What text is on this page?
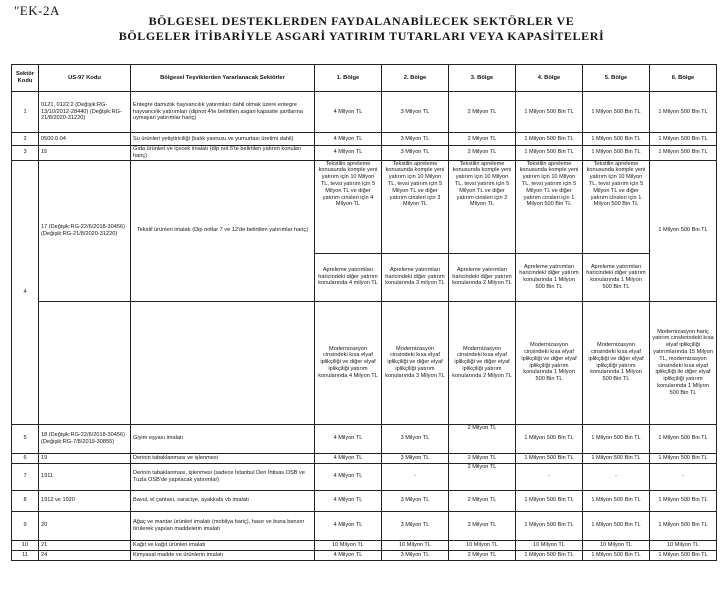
"EK-2A
BÖLGESEL DESTEKLERDEN FAYDALANABİLECEK SEKTÖRLER VE
BÖLGELER İTİBARİYLE ASGARİ YATIRIM TUTARLARI VEYA KAPASİTELERİ
Sektör Kodu	US-97 Kodu	Bölgesel Teşviklerden Yararlanacak Sektörler	1. Bölge	2. Bölge	3. Bölge	4. Bölge	5. Bölge	6. Bölge
1	0121, 0122.2 (Değişik:RG-13/10/2012-28440) (Değişik:RG-21/8/2020-31220)	Entegre damızlık hayvancılık yatırımları dahil olmak üzere entegre hayvancılık yatırımları (dipnot 4'te belirtilen asgari kapasite şartlarına uymayan yatırımlar hariç)	4 Milyon TL	3 Milyon TL	2 Milyon TL	1 Milyon 500 Bin TL	1 Milyon 500 Bin TL	1 Milyon 500 Bin TL
2	0500.0.04	Su ürünleri yetiştiriciliği (balık yavrusu ve yumurtası üretimi dahil)	4 Milyon TL	3 Milyon TL	2 Milyon TL	1 Milyon 500 Bin TL	1 Milyon 500 Bin TL	1 Milyon 500 Bin TL
3	15	Gıda ürünleri ve içecek imalatı (dip not 5'te belirtilen yatırım konuları hariç)	4 Milyon TL	3 Milyon TL	2 Milyon TL	1 Milyon 500 Bin TL	1 Milyon 500 Bin TL	1 Milyon 500 Bin TL
4	17 (Değişik:RG-22/6/2018-30456) (Değişik:RG-21/8/2020-31220)	Tekstil ürünleri imalatı (Dip notlar 7 ve 12'de belirtilen yatırımlar hariç)	Tekstilin apreleme konusunda komple yeni yatırım için 10 Milyon TL, tevsi yatırım için 5 Milyon TL ve diğer yatırım cinsleri için 4 Milyon TL	Tekstilin apreleme konusunda komple yeni yatırım için 10 Milyon TL, tevsi yatırım için 5 Milyon TL ve diğer yatırım cinsleri için 3 Milyon TL	Tekstilin apreleme konusunda komple yeni yatırım için 10 Milyon TL, tevsi yatırım için 5 Milyon TL ve diğer yatırım cinsleri için 2 Milyon TL	Tekstilin apreleme konusunda komple yeni yatırım için 10 Milyon TL, tevsi yatırım için 5 Milyon TL ve diğer yatırım cinsleri için 1 Milyon 500 Bin TL	Tekstilin apreleme konusunda komple yeni yatırım için 10 Milyon TL, tevsi yatırım için 5 Milyon TL ve diğer yatırım cinsleri için 1 Milyon 500 Bin TL	1 Milyon 500 Bin TL
			Apreleme yatırımları haricindeki diğer yatırım konularında 4 milyon TL	Apreleme yatırımları haricindeki diğer yatırım konularında 3 milyon TL	Apreleme yatırımları haricindeki diğer yatırım konularında 2 Milyon TL	Apreleme yatırımları haricindeki diğer yatırım konularında 1 Milyon 500 Bin TL	Apreleme yatırımları haricindeki diğer yatırım konularında 1 Milyon 500 Bin TL	
			Modernizasyon cinsindeki kısa elyaf iplikçiliği ve diğer elyaf iplikçiliği yatırım konularında 4 Milyon TL	Modernizasyon cinsindeki kısa elyaf iplikçiliği ve diğer elyaf iplikçiliği yatırım konularında 3 Milyon TL	Modernizasyon cinsindeki kısa elyaf iplikçiliği ve diğer elyaf iplikçiliği yatırım konularında 2 Milyon TL	Modernizasyon cinsindeki kısa elyaf iplikçiliği ve diğer elyaf iplikçiliği yatırım konularında 1 Milyon 500 Bin TL	Modernizasyon cinsindeki kısa elyaf iplikçiliği ve diğer elyaf iplikçiliği yatırım konularında 1 Milyon 500 Bin TL	Modernizasyon hariç yatırım cinslerindeki kısa elyaf iplikçiliği yatırımlarında 15 Milyon TL, modernizasyon cinsindeki kısa elyaf iplikçiliği ile diğer elyaf iplikçiliği yatırım konularında 1 Milyon 500 Bin TL
5	18 (Değişik:RG-22/6/2018-30456) (Değişik:RG-7/8/2019-30855)	Giyim eşyası imalatı	4 Milyon TL	3 Milyon TL	2 Milyon TL	1 Milyon 500 Bin TL	1 Milyon 500 Bin TL	1 Milyon 500 Bin TL
6	19	Derinin tabaklanması ve işlenmesi	4 Milyon TL	3 Milyon TL	2 Milyon TL	1 Milyon 500 Bin TL	1 Milyon 500 Bin TL	1 Milyon 500 Bin TL
7	1911	Derinin tabaklanması, işlenmesi (sadece İstanbul Deri İhtisas OSB ve Tuzla OSB'de yapılacak yatırımlar)	4 Milyon TL	-	2 Milyon TL	-	-	-
8	1912 ve 1920	Bavul, el çantası, saraciye, ayakkabı vb imalatı	4 Milyon TL	3 Milyon TL	2 Milyon TL	1 Milyon 500 Bin TL	1 Milyon 500 Bin TL	1 Milyon 500 Bin TL
9	20	Ağaç ve mantar ürünleri imalatı (mobilya hariç), hasır ve buna benzer örülerek yapılan maddelerin imalatı	4 Milyon TL	3 Milyon TL	2 Milyon TL	1 Milyon 500 Bin TL	1 Milyon 500 Bin TL	1 Milyon 500 Bin TL
10	21	Kağıt ve kağıt ürünleri imalatı	10 Milyon TL	10 Milyon TL	10 Milyon TL	10 Milyon TL	10 Milyon TL	10 Milyon TL
11	24	Kimyasal madde ve ürünlerin imalatı	4 Milyon TL	3 Milyon TL	2 Milyon TL	1 Milyon 500 Bin TL	1 Milyon 500 Bin TL	1 Milyon 500 Bin TL
